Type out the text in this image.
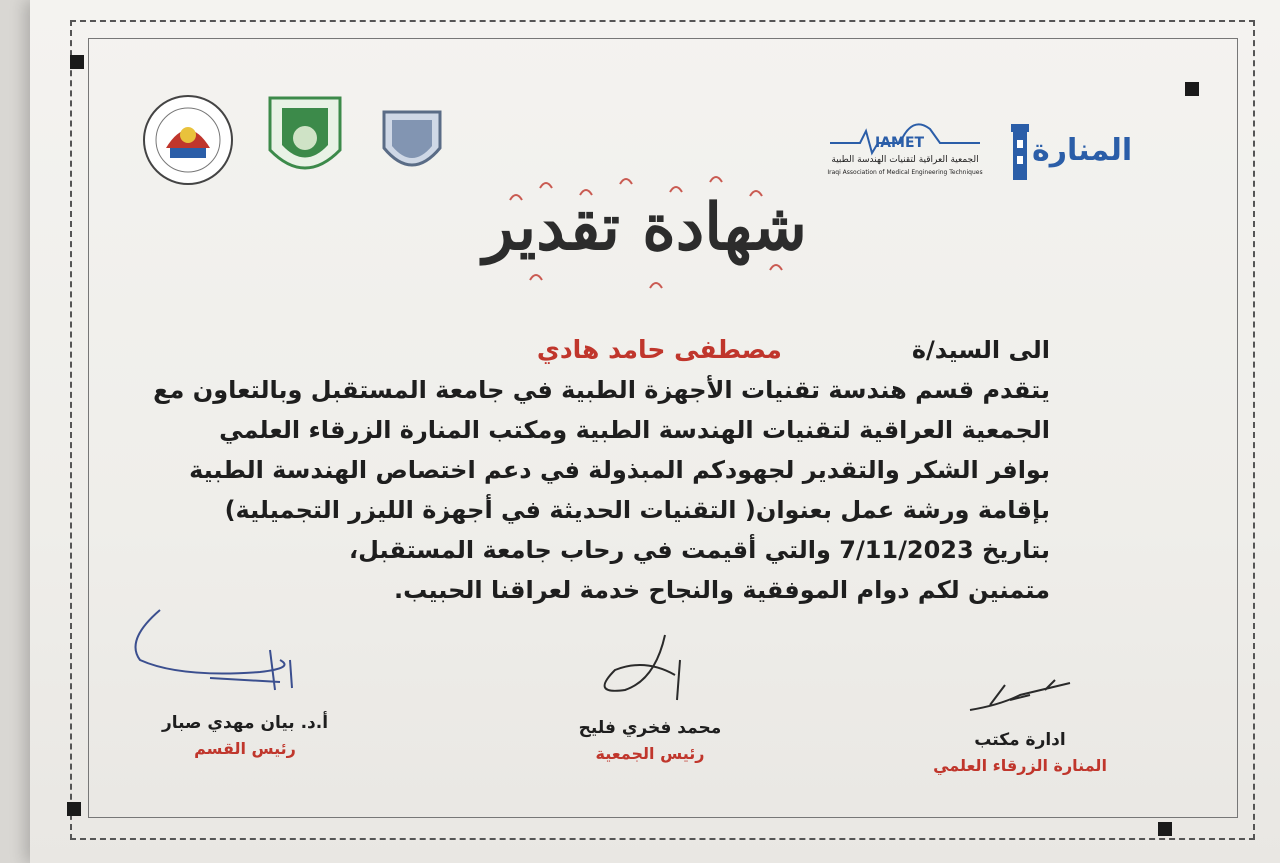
IAMET
الجمعية العراقية لتقنيات الهندسة الطبية
Iraqi Association of Medical Engineering Techniques
المنارة
شهادة تقدير
الى السيد/ة
مصطفى حامد هادي
يتقدم قسم هندسة تقنيات الأجهزة الطبية في جامعة المستقبل وبالتعاون مع
الجمعية العراقية لتقنيات الهندسة الطبية ومكتب المنارة الزرقاء العلمي
بوافر الشكر والتقدير لجهودكم المبذولة في دعم اختصاص الهندسة الطبية
بإقامة ورشة عمل بعنوان( التقنيات الحديثة في أجهزة الليزر التجميلية)
بتاريخ 7/11/2023 والتي أقيمت في رحاب جامعة المستقبل،
متمنين لكم دوام الموفقية والنجاح خدمة لعراقنا الحبيب.
أ.د. بيان مهدي صبار
رئيس القسم
محمد فخري فليح
رئيس الجمعية
ادارة مكتب
المنارة الزرقاء العلمي
